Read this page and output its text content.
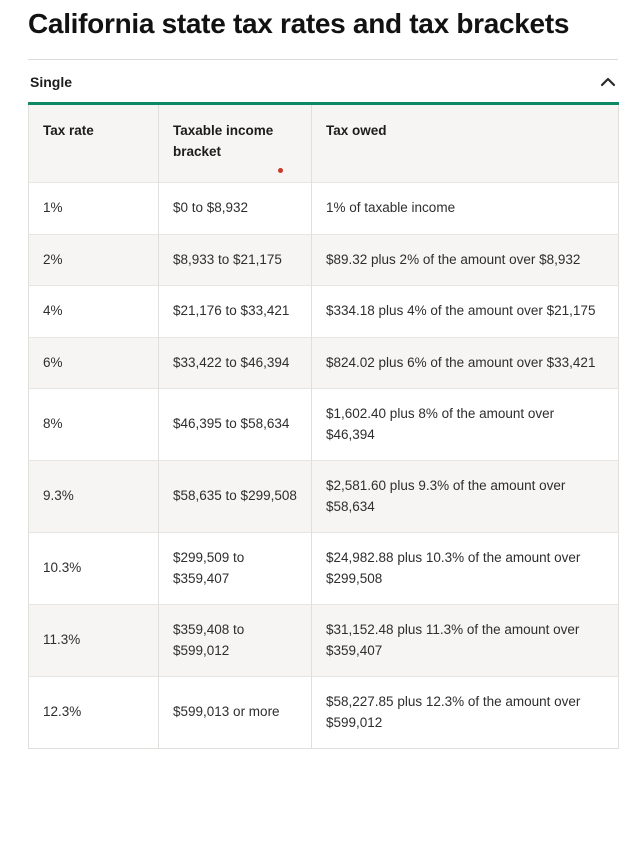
California state tax rates and tax brackets
Single
Tax rate	Taxable income bracket	Tax owed
1%	$0 to $8,932	1% of taxable income
2%	$8,933 to $21,175	$89.32 plus 2% of the amount over $8,932
4%	$21,176 to $33,421	$334.18 plus 4% of the amount over $21,175
6%	$33,422 to $46,394	$824.02 plus 6% of the amount over $33,421
8%	$46,395 to $58,634	$1,602.40 plus 8% of the amount over $46,394
9.3%	$58,635 to $299,508	$2,581.60 plus 9.3% of the amount over $58,634
10.3%	$299,509 to $359,407	$24,982.88 plus 10.3% of the amount over $299,508
11.3%	$359,408 to $599,012	$31,152.48 plus 11.3% of the amount over $359,407
12.3%	$599,013 or more	$58,227.85 plus 12.3% of the amount over $599,012
